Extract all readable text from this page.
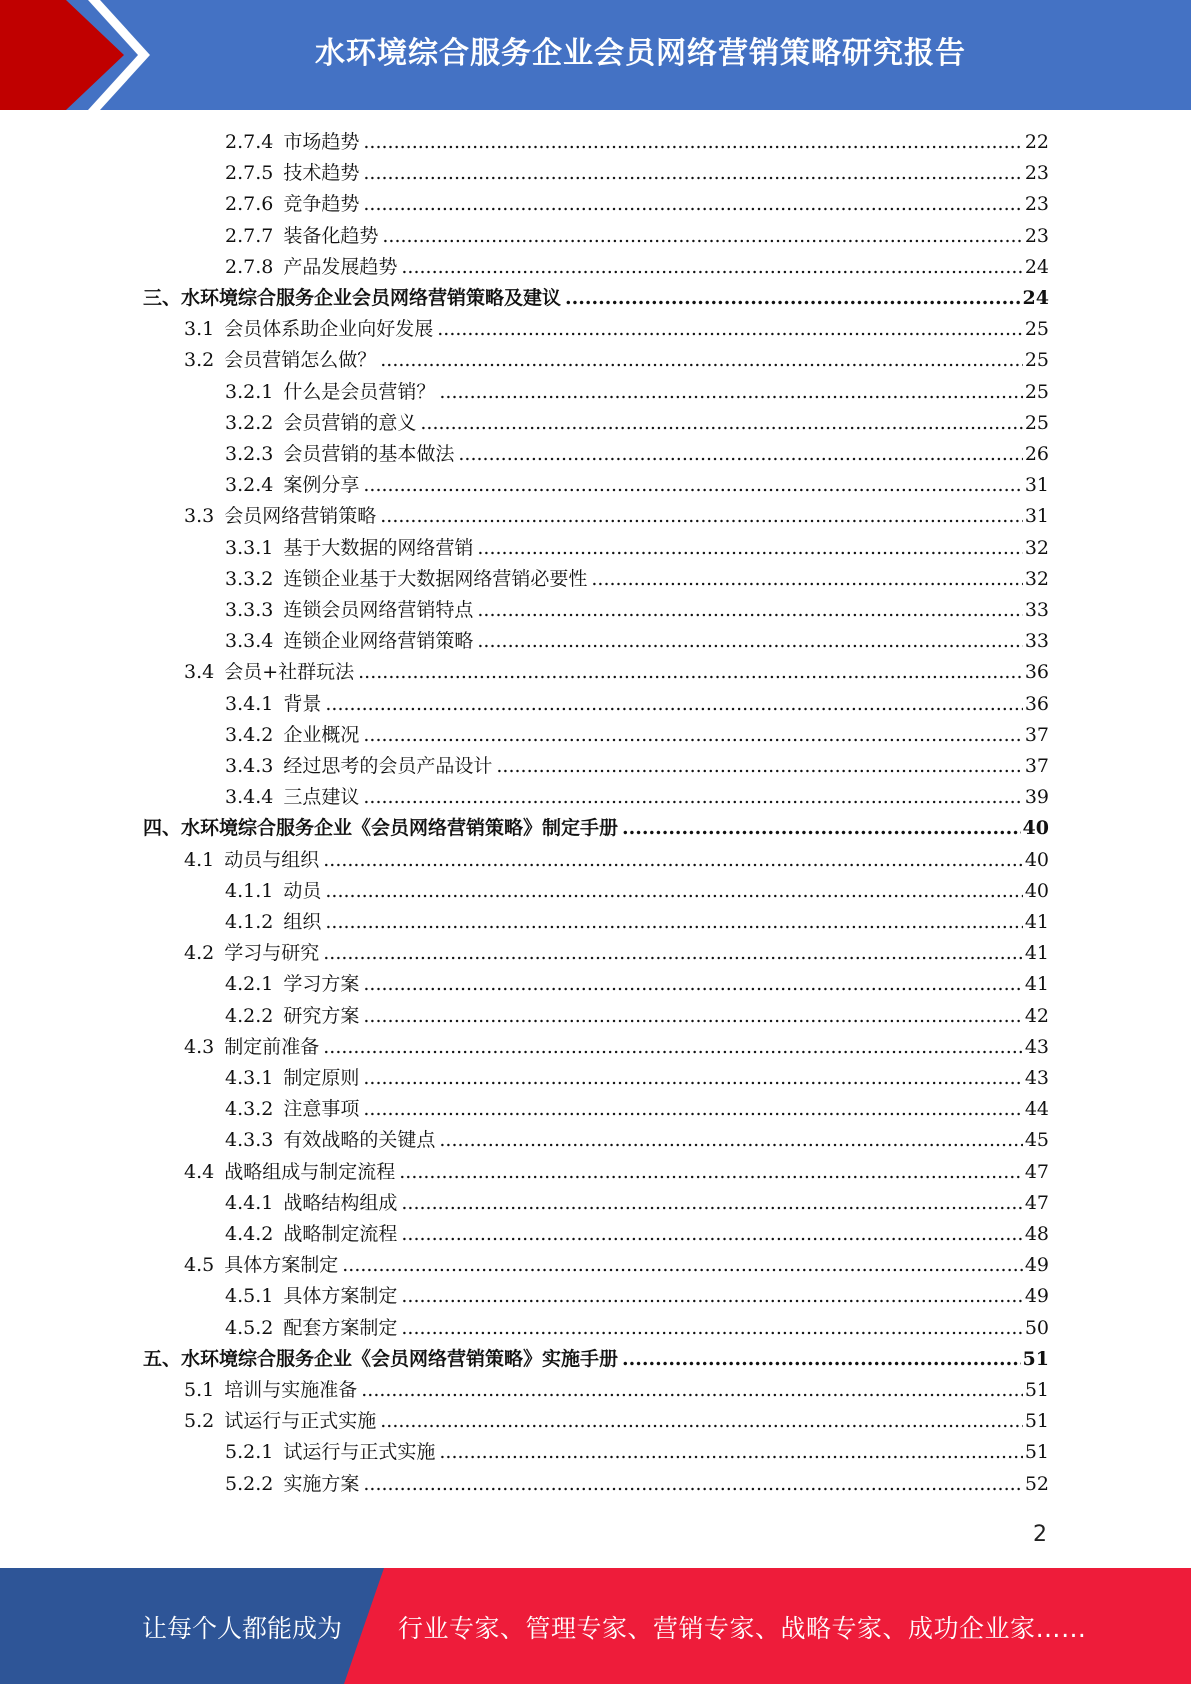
水环境综合服务企业会员网络营销策略研究报告
2.7.4 市场趋势 .....	22
2.7.5 技术趋势 .....	23
2.7.6 竞争趋势 .....	23
2.7.7 装备化趋势 .....	23
2.7.8 产品发展趋势 .....	24
三、水环境综合服务企业会员网络营销策略及建议 .....	24
3.1 会员体系助企业向好发展 .....	25
3.2 会员营销怎么做？ .....	25
3.2.1 什么是会员营销？ .....	25
3.2.2 会员营销的意义 .....	25
3.2.3 会员营销的基本做法 .....	26
3.2.4 案例分享 .....	31
3.3 会员网络营销策略 .....	31
3.3.1 基于大数据的网络营销 .....	32
3.3.2 连锁企业基于大数据网络营销必要性 .....	32
3.3.3 连锁会员网络营销特点 .....	33
3.3.4 连锁企业网络营销策略 .....	33
3.4 会员+社群玩法 .....	36
3.4.1 背景 .....	36
3.4.2 企业概况 .....	37
3.4.3 经过思考的会员产品设计 .....	37
3.4.4 三点建议 .....	39
四、水环境综合服务企业《会员网络营销策略》制定手册 .....	40
4.1 动员与组织 .....	40
4.1.1 动员 .....	40
4.1.2 组织 .....	41
4.2 学习与研究 .....	41
4.2.1 学习方案 .....	41
4.2.2 研究方案 .....	42
4.3 制定前准备 .....	43
4.3.1 制定原则 .....	43
4.3.2 注意事项 .....	44
4.3.3 有效战略的关键点 .....	45
4.4 战略组成与制定流程 .....	47
4.4.1 战略结构组成 .....	47
4.4.2 战略制定流程 .....	48
4.5 具体方案制定 .....	49
4.5.1 具体方案制定 .....	49
4.5.2 配套方案制定 .....	50
五、水环境综合服务企业《会员网络营销策略》实施手册 .....	51
5.1 培训与实施准备 .....	51
5.2 试运行与正式实施 .....	51
5.2.1 试运行与正式实施 .....	51
5.2.2 实施方案 .....	52
2
让每个人都能成为 行业专家、管理专家、营销专家、战略专家、成功企业家……
